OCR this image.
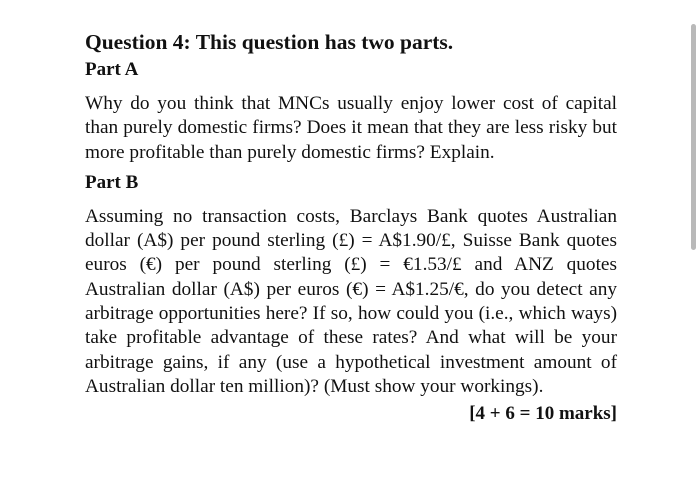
Question 4: This question has two parts.

Part A

Why do you think that MNCs usually enjoy lower cost of capital than purely domestic firms? Does it mean that they are less risky but more profitable than purely domestic firms? Explain.

Part B

Assuming no transaction costs, Barclays Bank quotes Australian dollar (A$) per pound sterling (£) = A$1.90/£, Suisse Bank quotes euros (€) per pound sterling (£) = €1.53/£ and ANZ quotes Australian dollar (A$) per euros (€) = A$1.25/€, do you detect any arbitrage opportunities here? If so, how could you (i.e., which ways) take profitable advantage of these rates? And what will be your arbitrage gains, if any (use a hypothetical investment amount of Australian dollar ten million)? (Must show your workings).

[4 + 6 = 10 marks]
